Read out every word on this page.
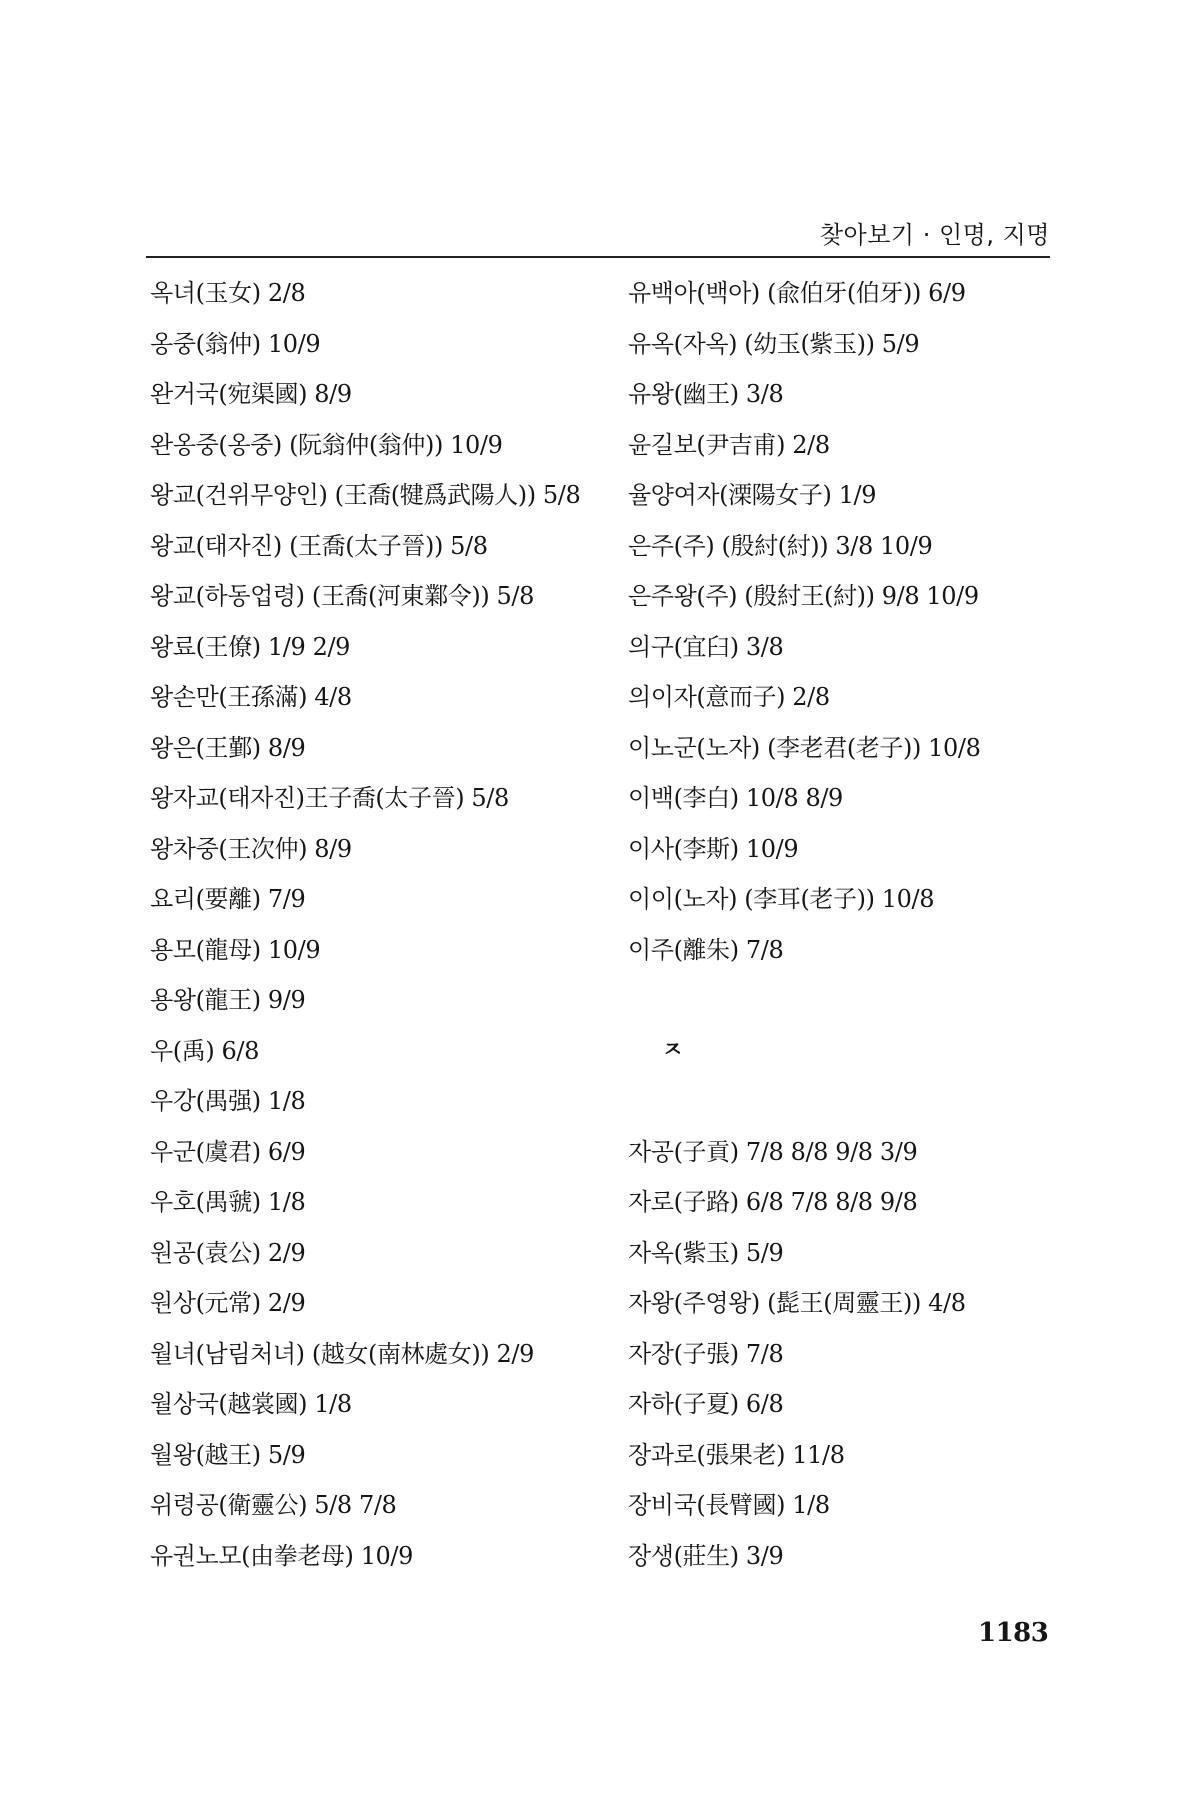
찾아보기 · 인명, 지명
옥녀(玉女) 2/8
옹중(翁仲) 10/9
완거국(宛渠國) 8/9
완옹중(옹중) (阮翁仲(翁仲)) 10/9
왕교(건위무양인) (王喬(犍爲武陽人)) 5/8
왕교(태자진) (王喬(太子晉)) 5/8
왕교(하동업령) (王喬(河東鄴令)) 5/8
왕료(王僚) 1/9 2/9
왕손만(王孫滿) 4/8
왕은(王鄞) 8/9
왕자교(태자진)王子喬(太子晉) 5/8
왕차중(王次仲) 8/9
요리(要離) 7/9
용모(龍母) 10/9
용왕(龍王) 9/9
우(禹) 6/8
우강(禺强) 1/8
우군(虞君) 6/9
우호(禺虢) 1/8
원공(袁公) 2/9
원상(元常) 2/9
월녀(남림처녀) (越女(南林處女)) 2/9
월상국(越裳國) 1/8
월왕(越王) 5/9
위령공(衛靈公) 5/8 7/8
유권노모(由拳老母) 10/9
유백아(백아) (兪伯牙(伯牙)) 6/9
유옥(자옥) (幼玉(紫玉)) 5/9
유왕(幽王) 3/8
윤길보(尹吉甫) 2/8
율양여자(溧陽女子) 1/9
은주(주) (殷紂(紂)) 3/8 10/9
은주왕(주) (殷紂王(紂)) 9/8 10/9
의구(宜臼) 3/8
의이자(意而子) 2/8
이노군(노자) (李老君(老子)) 10/8
이백(李白) 10/8 8/9
이사(李斯) 10/9
이이(노자) (李耳(老子)) 10/8
이주(離朱) 7/8
ㅈ
자공(子貢) 7/8 8/8 9/8 3/9
자로(子路) 6/8 7/8 8/8 9/8
자옥(紫玉) 5/9
자왕(주영왕) (髭王(周靈王)) 4/8
자장(子張) 7/8
자하(子夏) 6/8
장과로(張果老) 11/8
장비국(長臂國) 1/8
장생(莊生) 3/9
1183
